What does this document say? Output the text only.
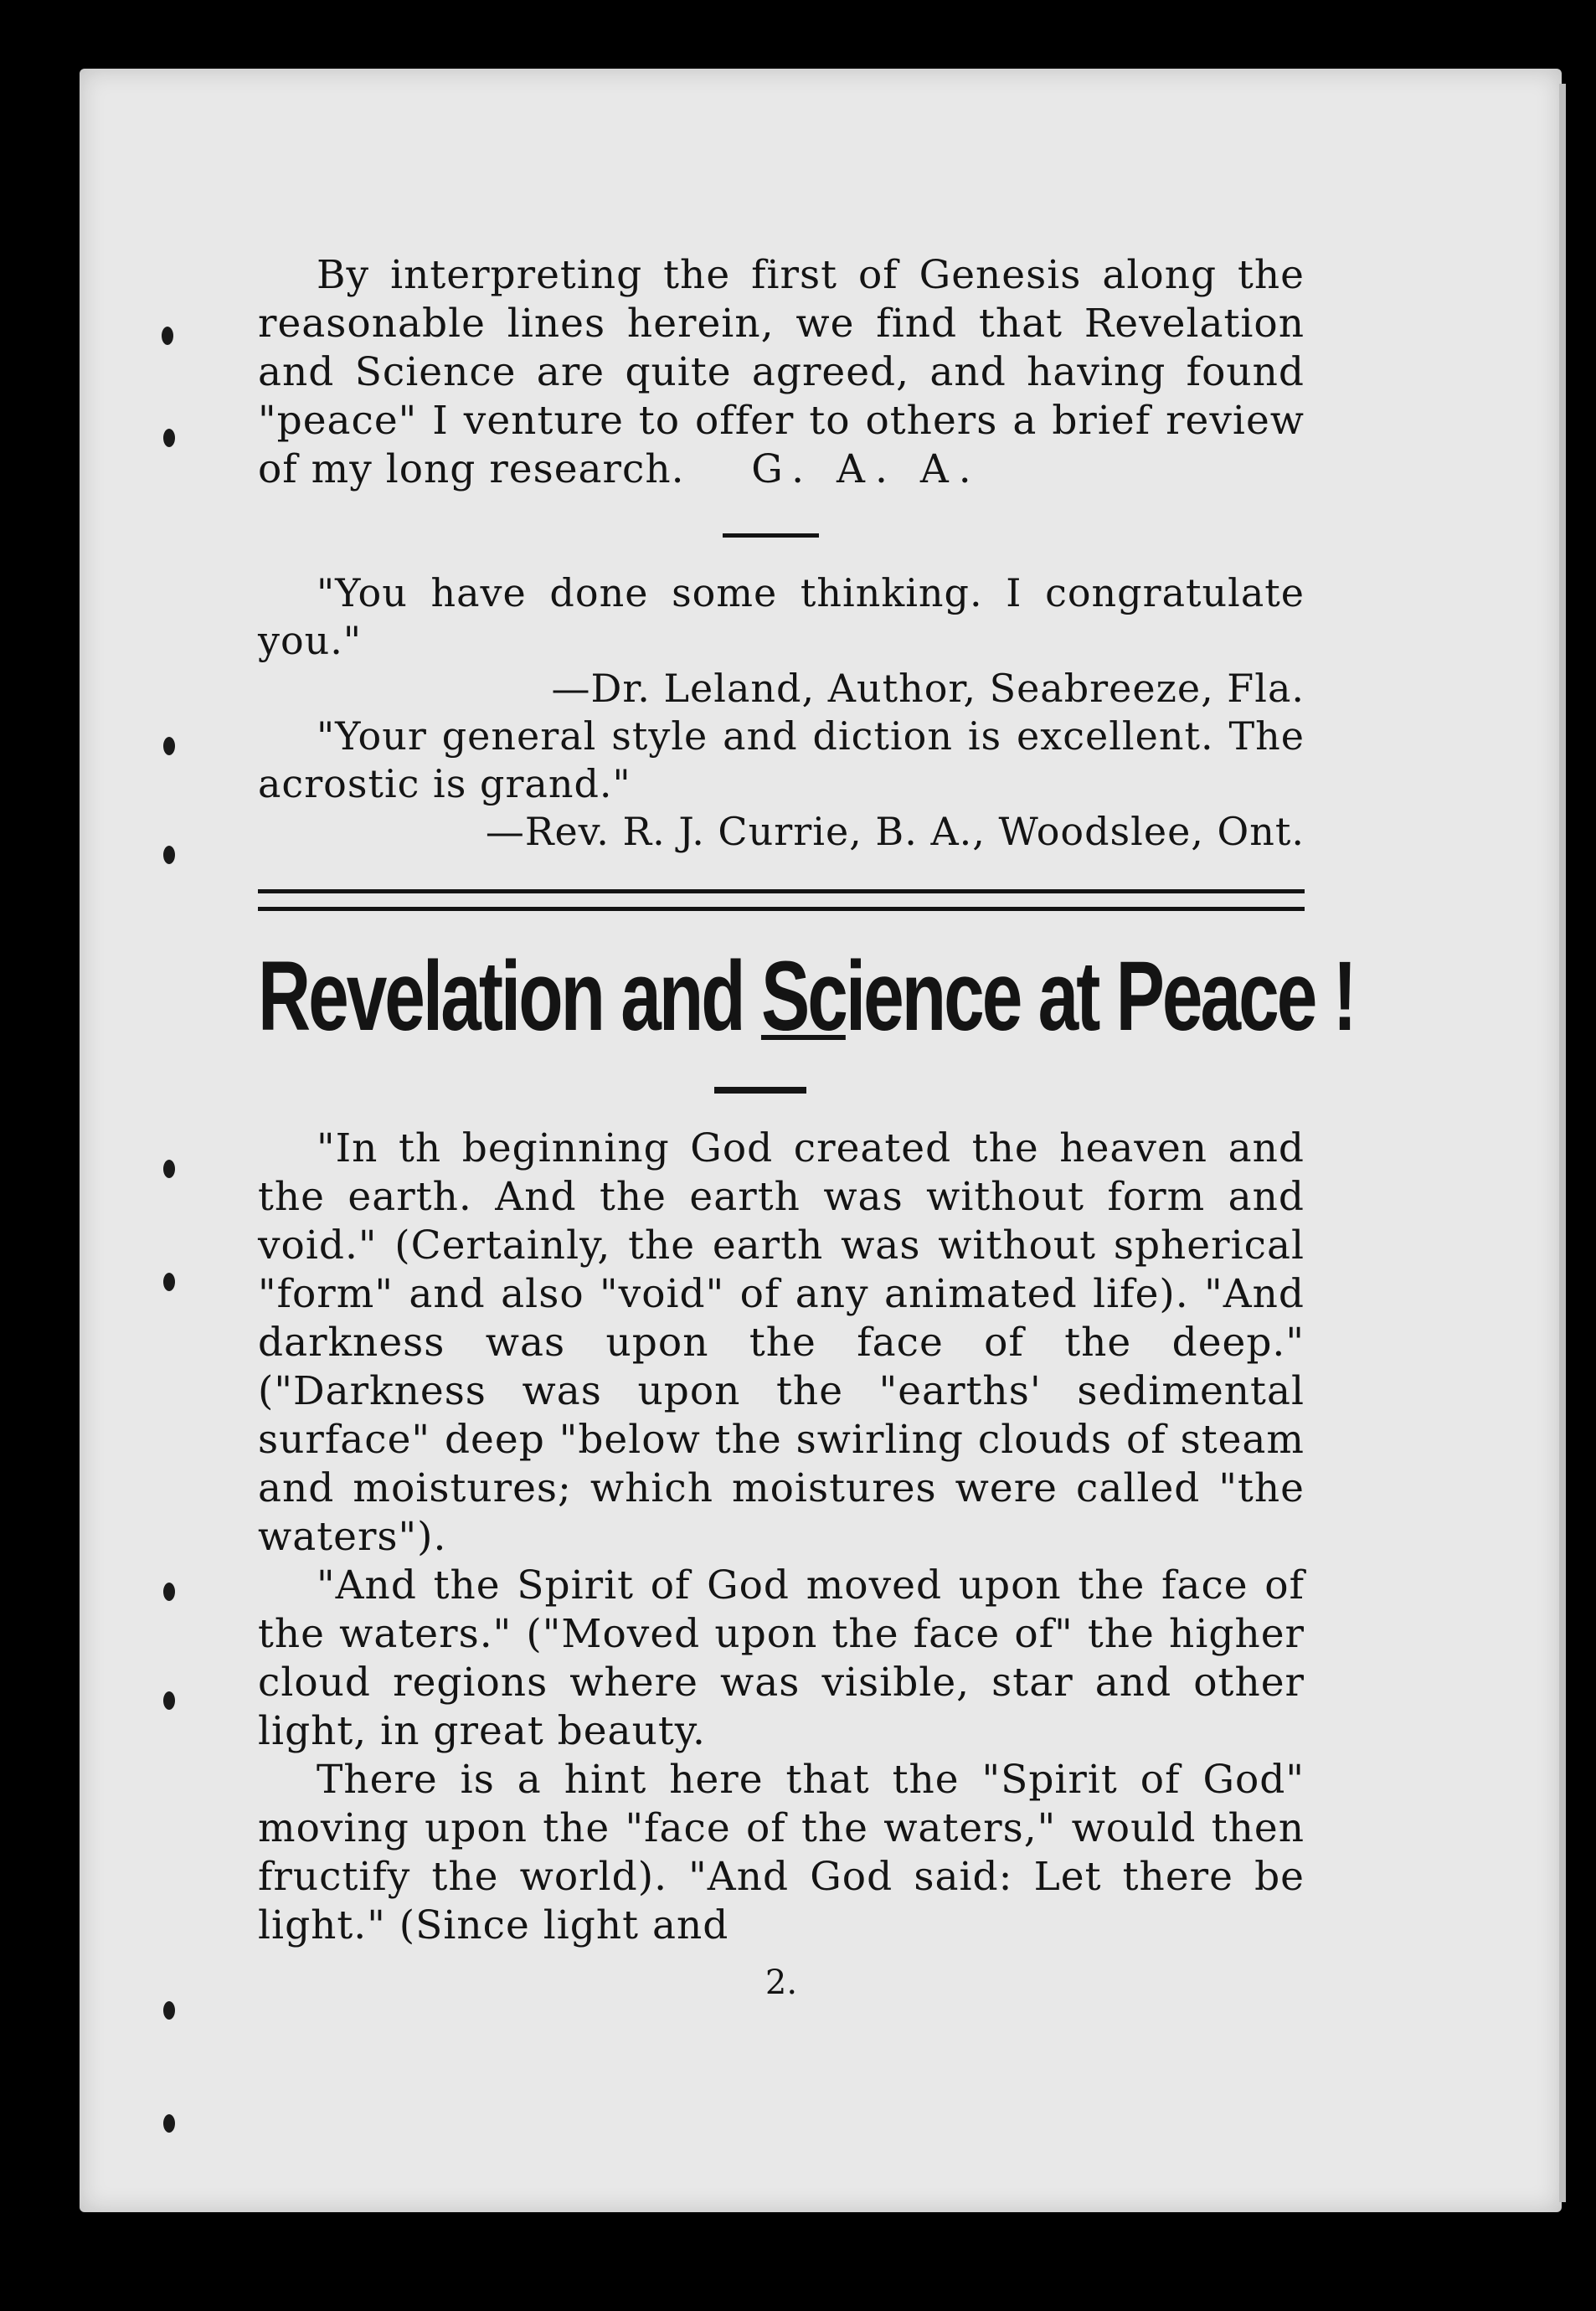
By interpreting the first of Genesis along the reasonable lines herein, we find that Revelation and Science are quite agreed, and having found "peace" I venture to offer to others a brief review of my long research. G. A. A.

"You have done some thinking. I congratulate you."

—Dr. Leland, Author, Seabreeze, Fla.

"Your general style and diction is excellent. The acrostic is grand."

—Rev. R. J. Currie, B. A., Woodslee, Ont.
Revelation and Science at Peace !

"In th beginning God created the heaven and the earth. And the earth was without form and void." (Certainly, the earth was without spherical "form" and also "void" of any animated life). "And darkness was upon the face of the deep." ("Darkness was upon the "earths' sedimental surface" deep "below the swirling clouds of steam and moistures; which moistures were called "the waters").

"And the Spirit of God moved upon the face of the waters." ("Moved upon the face of" the higher cloud regions where was visible, star and other light, in great beauty.

There is a hint here that the "Spirit of God" moving upon the "face of the waters," would then fructify the world). "And God said: Let there be light." (Since light and

2.
